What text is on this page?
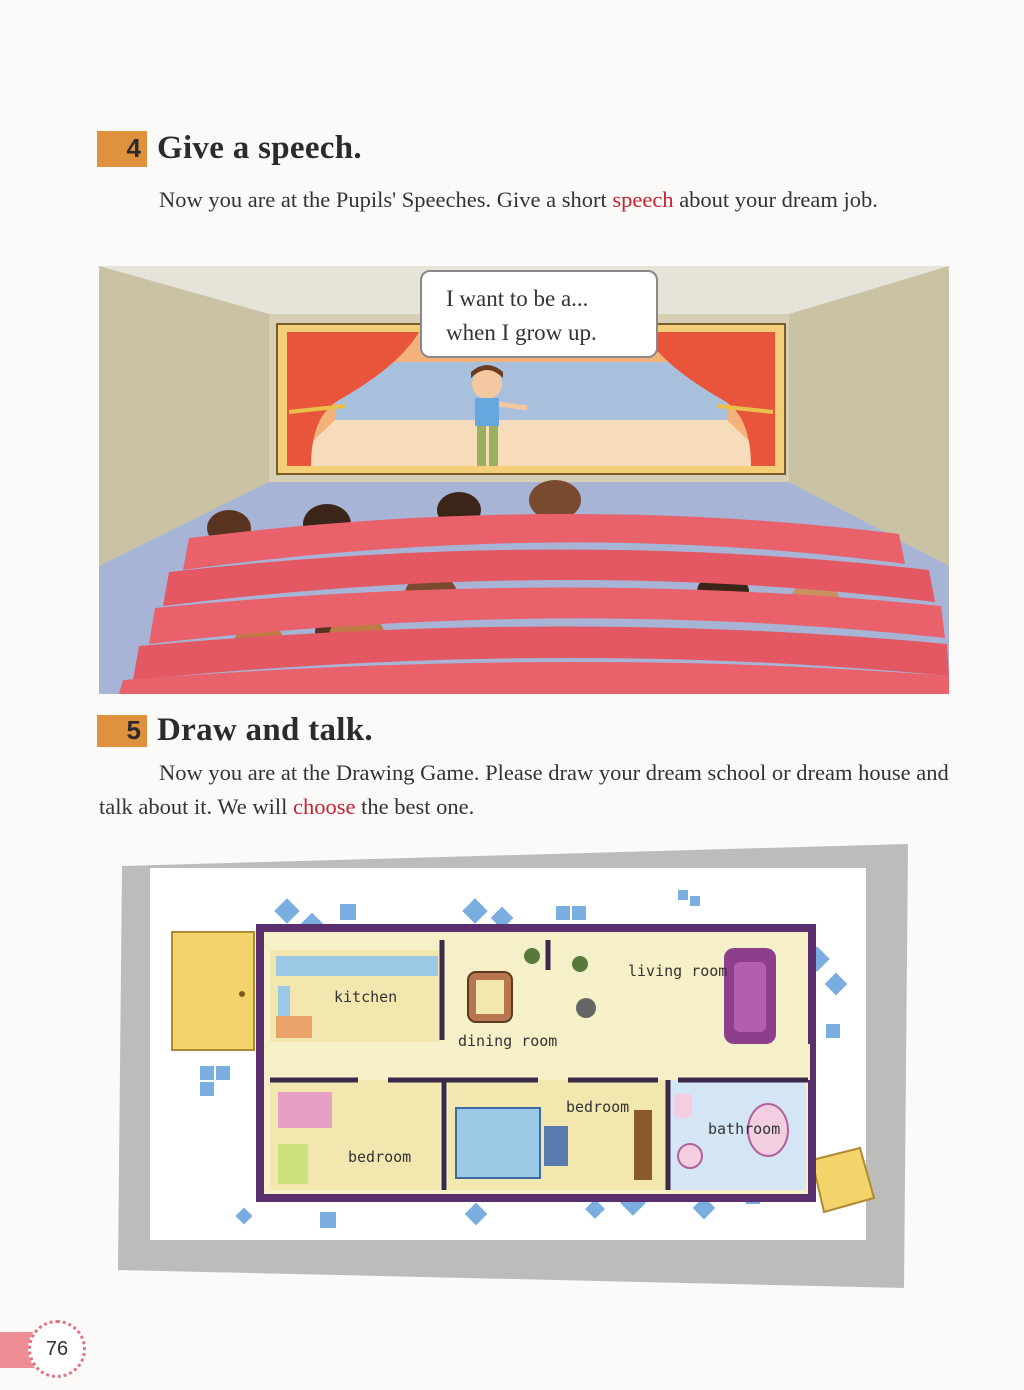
4 Give a speech.
Now you are at the Pupils' Speeches. Give a short speech about your dream job.
I want to be a...
when I grow up.
5 Draw and talk.
Now you are at the Drawing Game. Please draw your dream school or dream house and talk about it. We will choose the best one.
kitchen
dining room
living room
bedroom
bedroom
bathroom
76
